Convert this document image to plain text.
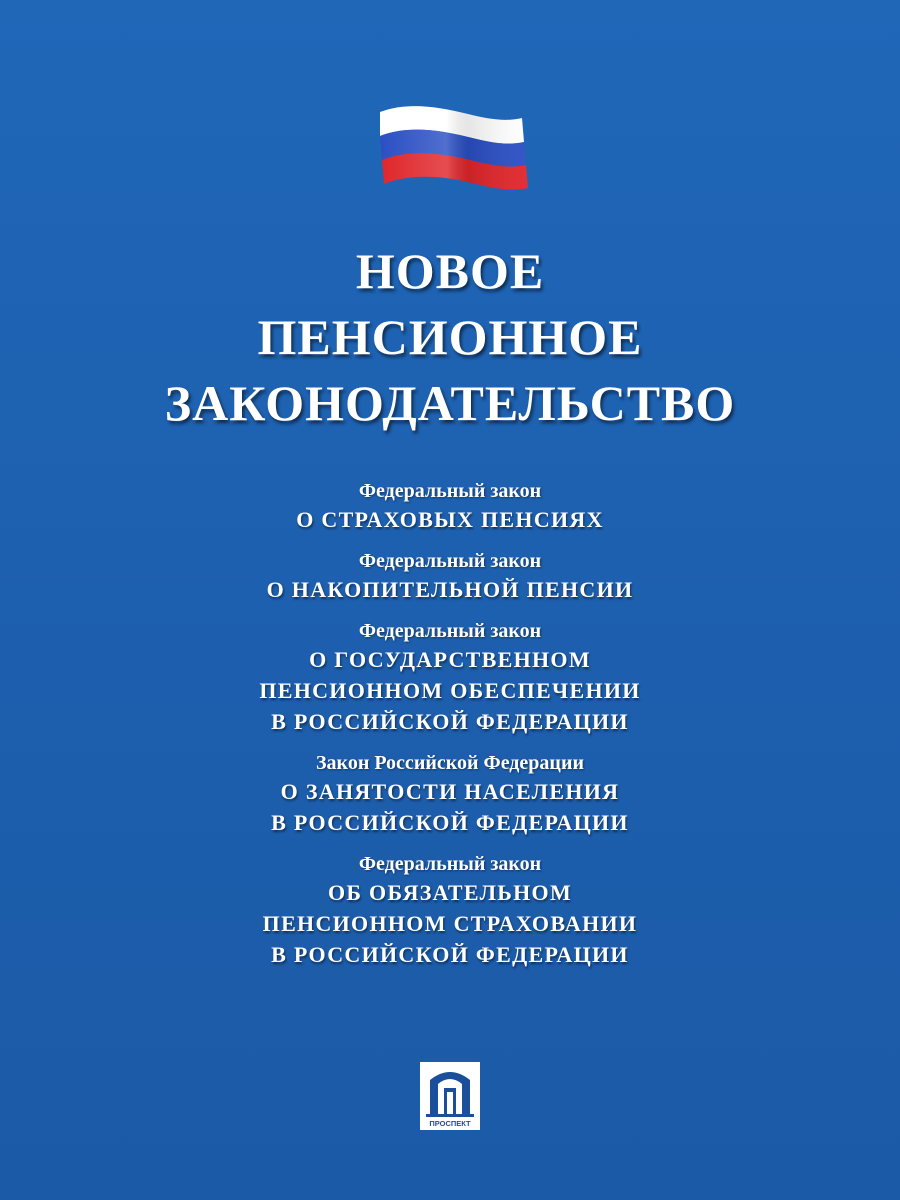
НОВОЕ
ПЕНСИОННОЕ
ЗАКОНОДАТЕЛЬСТВО
Федеральный закон
О СТРАХОВЫХ ПЕНСИЯХ
Федеральный закон
О НАКОПИТЕЛЬНОЙ ПЕНСИИ
Федеральный закон
О ГОСУДАРСТВЕННОМ
ПЕНСИОННОМ ОБЕСПЕЧЕНИИ
В РОССИЙСКОЙ ФЕДЕРАЦИИ
Закон Российской Федерации
О ЗАНЯТОСТИ НАСЕЛЕНИЯ
В РОССИЙСКОЙ ФЕДЕРАЦИИ
Федеральный закон
ОБ ОБЯЗАТЕЛЬНОМ
ПЕНСИОННОМ СТРАХОВАНИИ
В РОССИЙСКОЙ ФЕДЕРАЦИИ
ПРОСПЕКТ
